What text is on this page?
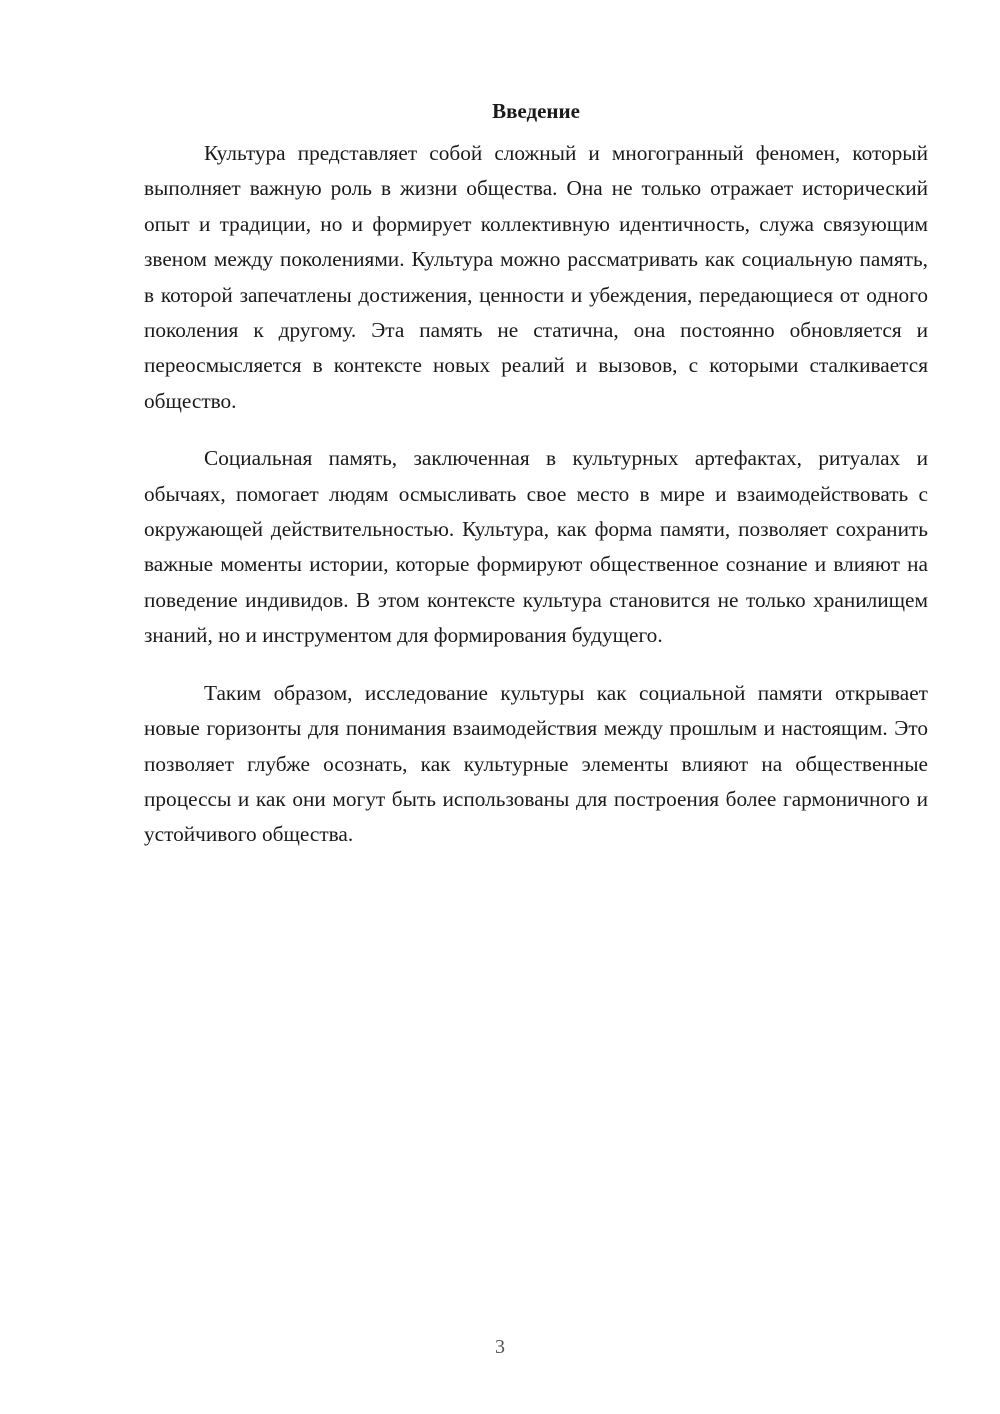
Введение

Культура представляет собой сложный и многогранный феномен, который выполняет важную роль в жизни общества. Она не только отражает исторический опыт и традиции, но и формирует коллективную идентичность, служа связующим звеном между поколениями. Культура можно рассматривать как социальную память, в которой запечатлены достижения, ценности и убеждения, передающиеся от одного поколения к другому. Эта память не статична, она постоянно обновляется и переосмысляется в контексте новых реалий и вызовов, с которыми сталкивается общество.

Социальная память, заключенная в культурных артефактах, ритуалах и обычаях, помогает людям осмысливать свое место в мире и взаимодействовать с окружающей действительностью. Культура, как форма памяти, позволяет сохранить важные моменты истории, которые формируют общественное сознание и влияют на поведение индивидов. В этом контексте культура становится не только хранилищем знаний, но и инструментом для формирования будущего.

Таким образом, исследование культуры как социальной памяти открывает новые горизонты для понимания взаимодействия между прошлым и настоящим. Это позволяет глубже осознать, как культурные элементы влияют на общественные процессы и как они могут быть использованы для построения более гармоничного и устойчивого общества.

3
